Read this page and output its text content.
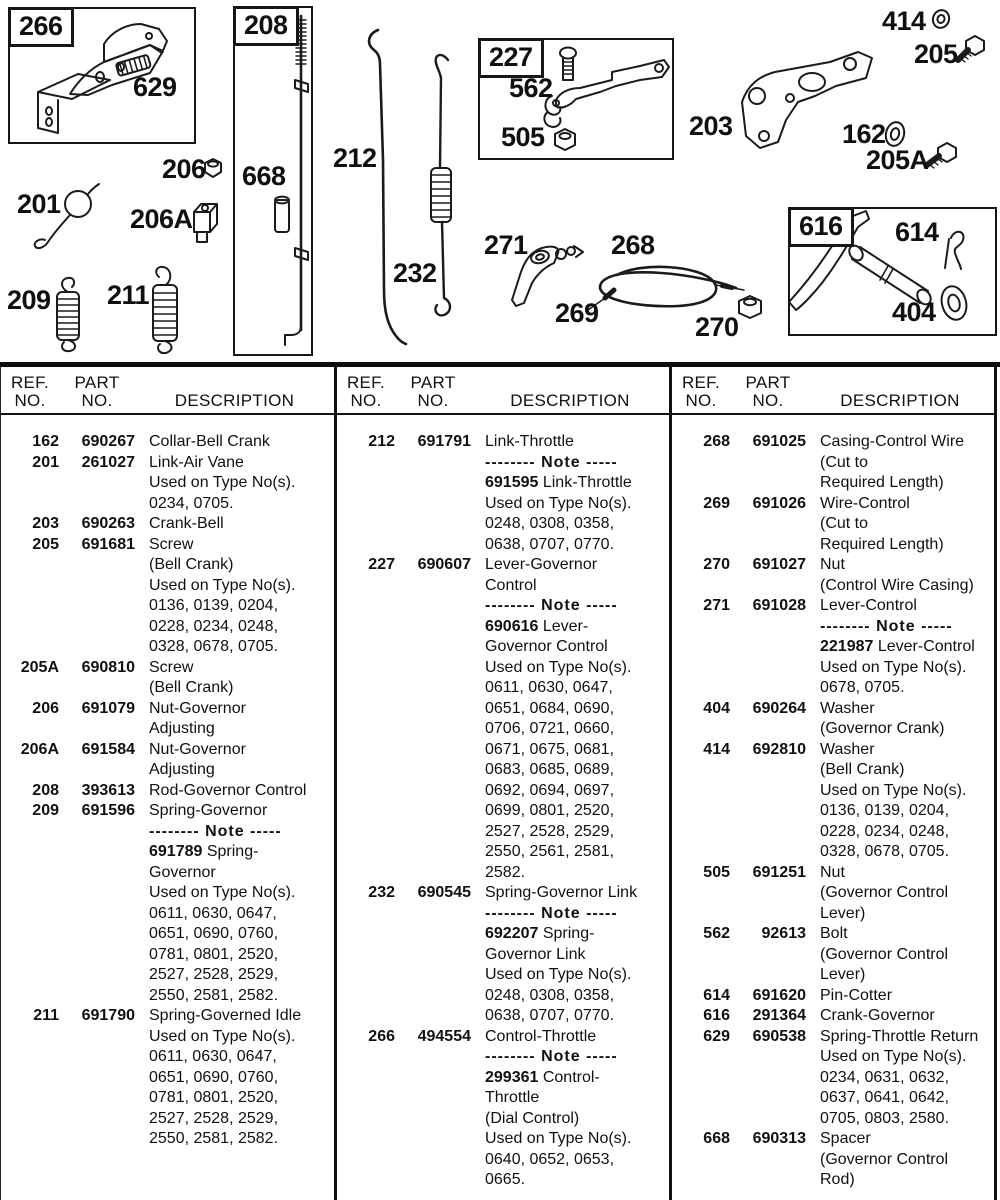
266
629
206
206A
201
209 211
208
668
212
232
227
562
505
271	268
269	270
203
414
205
162
205A
616	614
404
REF.
NO.
PART
NO.	DESCRIPTION
162	690267 Collar-Bell Crank
201	261027 Link-Air Vane
Used on Type No(s).
0234, 0705.
203	690263 Crank-Bell
205	691681 Screw
(Bell Crank)
Used on Type No(s).
0136, 0139, 0204,
0228, 0234, 0248,
0328, 0678, 0705.
205A	690810 Screw
(Bell Crank)
206	691079 Nut-Governor
Adjusting
206A	691584 Nut-Governor
Adjusting
208	393613 Rod-Governor Control
209	691596 Spring-Governor
-------- Note -----
691789 Spring-
Governor
Used on Type No(s).
0611, 0630, 0647,
0651, 0690, 0760,
0781, 0801, 2520,
2527, 2528, 2529,
2550, 2581, 2582.
211	691790 Spring-Governed Idle
Used on Type No(s).
0611, 0630, 0647,
0651, 0690, 0760,
0781, 0801, 2520,
2527, 2528, 2529,
2550, 2581, 2582.
REF.
NO.
PART
NO.	DESCRIPTION
212	691791 Link-Throttle
-------- Note -----
691595 Link-Throttle
Used on Type No(s).
0248, 0308, 0358,
0638, 0707, 0770.
227	690607 Lever-Governor
Control
-------- Note -----
690616 Lever-
Governor Control
Used on Type No(s).
0611, 0630, 0647,
0651, 0684, 0690,
0706, 0721, 0660,
0671, 0675, 0681,
0683, 0685, 0689,
0692, 0694, 0697,
0699, 0801, 2520,
2527, 2528, 2529,
2550, 2561, 2581,
2582.
232	690545 Spring-Governor Link
-------- Note -----
692207 Spring-
Governor Link
Used on Type No(s).
0248, 0308, 0358,
0638, 0707, 0770.
266	494554 Control-Throttle
-------- Note -----
299361 Control-
Throttle
(Dial Control)
Used on Type No(s).
0640, 0652, 0653,
0665.
REF.
NO.
PART
NO.	DESCRIPTION
268	691025 Casing-Control Wire
(Cut to
Required Length)
269	691026 Wire-Control
(Cut to
Required Length)
270	691027 Nut
(Control Wire Casing)
271	691028 Lever-Control
-------- Note -----
221987 Lever-Control
Used on Type No(s).
0678, 0705.
404	690264 Washer
(Governor Crank)
414	692810 Washer
(Bell Crank)
Used on Type No(s).
0136, 0139, 0204,
0228, 0234, 0248,
0328, 0678, 0705.
505	691251 Nut
(Governor Control
Lever)
562	92613 Bolt
(Governor Control
Lever)
614	691620 Pin-Cotter
616	291364 Crank-Governor
629	690538 Spring-Throttle Return
Used on Type No(s).
0234, 0631, 0632,
0637, 0641, 0642,
0705, 0803, 2580.
668	690313 Spacer
(Governor Control
Rod)
